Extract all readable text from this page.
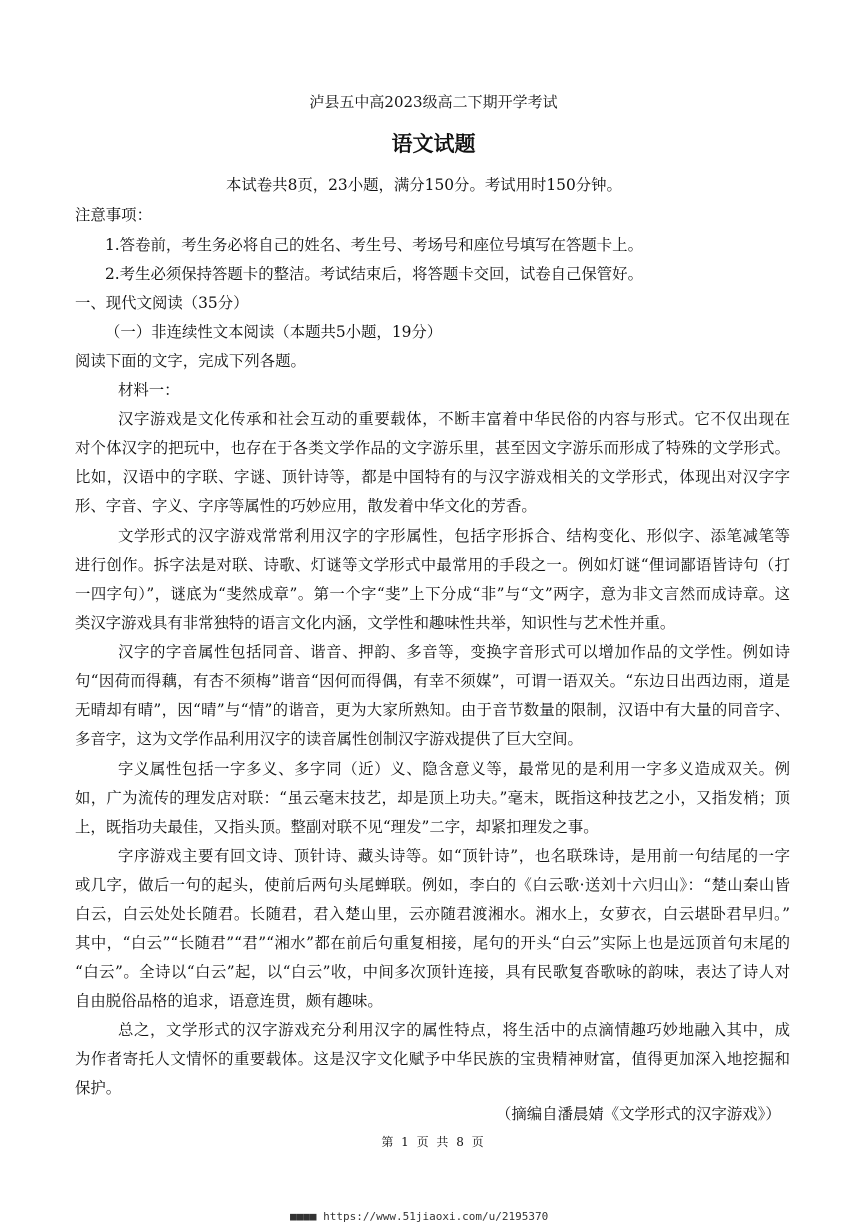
泸县五中高2023级高二下期开学考试
语文试题
本试卷共8页，23小题，满分150分。考试用时150分钟。
注意事项：
1.答卷前，考生务必将自己的姓名、考生号、考场号和座位号填写在答题卡上。
2.考生必须保持答题卡的整洁。考试结束后，将答题卡交回，试卷自己保管好。
一、现代文阅读（35分）
（一）非连续性文本阅读（本题共5小题，19分）
阅读下面的文字，完成下列各题。
材料一：
汉字游戏是文化传承和社会互动的重要载体，不断丰富着中华民俗的内容与形式。它不仅出现在
对个体汉字的把玩中，也存在于各类文学作品的文字游乐里，甚至因文字游乐而形成了特殊的文学形式。
比如，汉语中的字联、字谜、顶针诗等，都是中国特有的与汉字游戏相关的文学形式，体现出对汉字字
形、字音、字义、字序等属性的巧妙应用，散发着中华文化的芳香。
文学形式的汉字游戏常常利用汉字的字形属性，包括字形拆合、结构变化、形似字、添笔减笔等
进行创作。拆字法是对联、诗歌、灯谜等文学形式中最常用的手段之一。例如灯谜“俚词鄙语皆诗句（打
一四字句）”，谜底为“斐然成章”。第一个字“斐”上下分成“非”与“文”两字，意为非文言然而成诗章。这
类汉字游戏具有非常独特的语言文化内涵，文学性和趣味性共举，知识性与艺术性并重。
汉字的字音属性包括同音、谐音、押韵、多音等，变换字音形式可以增加作品的文学性。例如诗
句“因荷而得藕，有杏不须梅”谐音“因何而得偶，有幸不须媒”，可谓一语双关。“东边日出西边雨，道是
无晴却有晴”，因“晴”与“情”的谐音，更为大家所熟知。由于音节数量的限制，汉语中有大量的同音字、
多音字，这为文学作品利用汉字的读音属性创制汉字游戏提供了巨大空间。
字义属性包括一字多义、多字同（近）义、隐含意义等，最常见的是利用一字多义造成双关。例
如，广为流传的理发店对联：“虽云毫末技艺，却是顶上功夫。”毫末，既指这种技艺之小，又指发梢；顶
上，既指功夫最佳，又指头顶。整副对联不见“理发”二字，却紧扣理发之事。
字序游戏主要有回文诗、顶针诗、藏头诗等。如“顶针诗”，也名联珠诗，是用前一句结尾的一字
或几字，做后一句的起头，使前后两句头尾蝉联。例如，李白的《白云歌·送刘十六归山》：“楚山秦山皆
白云，白云处处长随君。长随君，君入楚山里，云亦随君渡湘水。湘水上，女萝衣，白云堪卧君早归。”
其中，“白云”“长随君”“君”“湘水”都在前后句重复相接，尾句的开头“白云”实际上也是远顶首句末尾的
“白云”。全诗以“白云”起，以“白云”收，中间多次顶针连接，具有民歌复沓歌咏的韵味，表达了诗人对
自由脱俗品格的追求，语意连贯，颇有趣味。
总之，文学形式的汉字游戏充分利用汉字的属性特点，将生活中的点滴情趣巧妙地融入其中，成
为作者寄托人文情怀的重要载体。这是汉字文化赋予中华民族的宝贵精神财富，值得更加深入地挖掘和
保护。
（摘编自潘晨婧《文学形式的汉字游戏》）
第 1 页 共 8 页
■■■■ https://www.51jiaoxi.com/u/2195370
